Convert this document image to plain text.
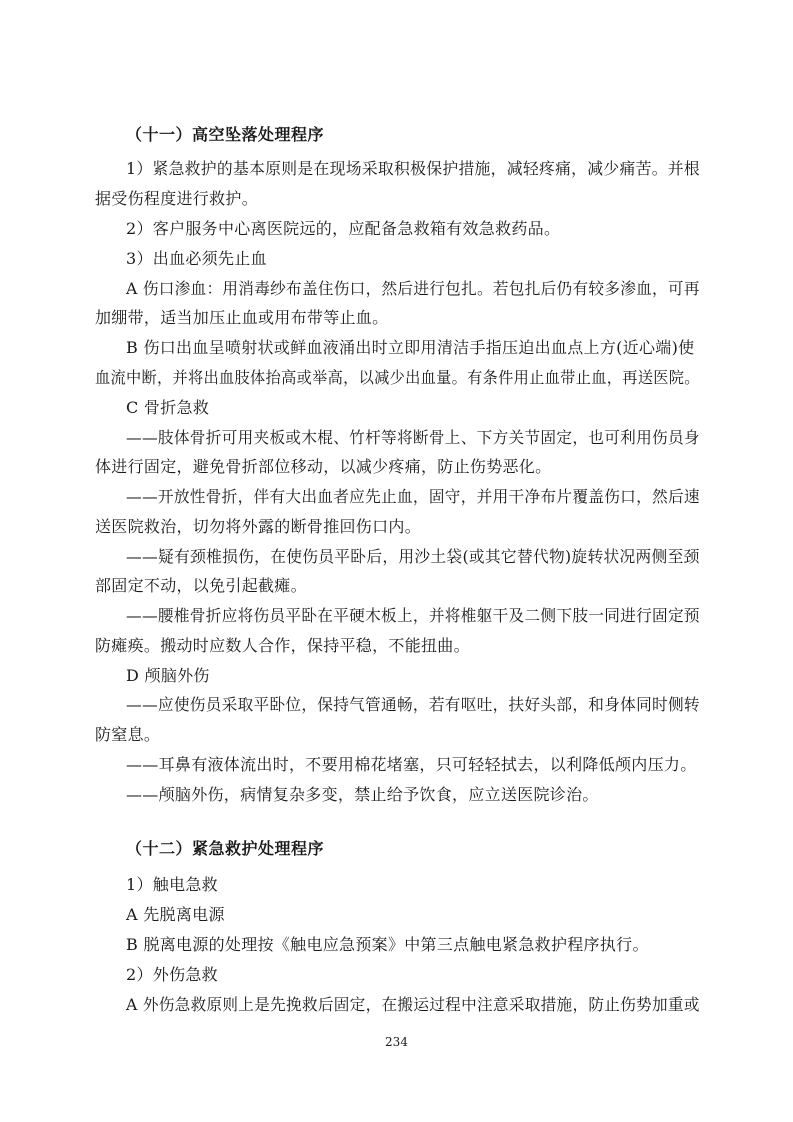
（十一）高空坠落处理程序
1）紧急救护的基本原则是在现场采取积极保护措施，减轻疼痛，减少痛苦。并根
据受伤程度进行救护。
2）客户服务中心离医院远的，应配备急救箱有效急救药品。
3）出血必须先止血
A 伤口渗血：用消毒纱布盖住伤口，然后进行包扎。若包扎后仍有较多渗血，可再
加绷带，适当加压止血或用布带等止血。
B 伤口出血呈喷射状或鲜血液涌出时立即用清洁手指压迫出血点上方(近心端)使
血流中断，并将出血肢体抬高或举高，以减少出血量。有条件用止血带止血，再送医院。
C 骨折急救
——肢体骨折可用夹板或木棍、竹杆等将断骨上、下方关节固定，也可利用伤员身
体进行固定，避免骨折部位移动，以减少疼痛，防止伤势恶化。
——开放性骨折，伴有大出血者应先止血，固守，并用干净布片覆盖伤口，然后速
送医院救治，切勿将外露的断骨推回伤口内。
——疑有颈椎损伤，在使伤员平卧后，用沙土袋(或其它替代物)旋转状况两侧至颈
部固定不动，以免引起截瘫。
——腰椎骨折应将伤员平卧在平硬木板上，并将椎躯干及二侧下肢一同进行固定预
防瘫痪。搬动时应数人合作，保持平稳，不能扭曲。
D 颅脑外伤
——应使伤员采取平卧位，保持气管通畅，若有呕吐，扶好头部，和身体同时侧转
防窒息。
——耳鼻有液体流出时，不要用棉花堵塞，只可轻轻拭去，以利降低颅内压力。
——颅脑外伤，病情复杂多变，禁止给予饮食，应立送医院诊治。
（十二）紧急救护处理程序
1）触电急救
A 先脱离电源
B 脱离电源的处理按《触电应急预案》中第三点触电紧急救护程序执行。
2）外伤急救
A 外伤急救原则上是先挽救后固定，在搬运过程中注意采取措施，防止伤势加重或
234
